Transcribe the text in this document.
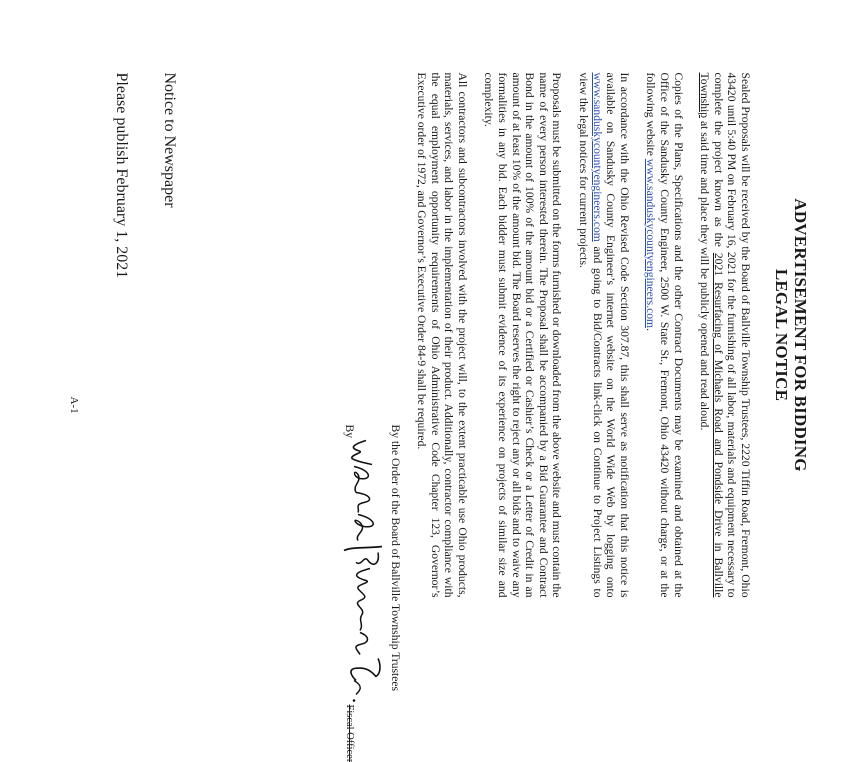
ADVERTISEMENT FOR BIDDING
LEGAL NOTICE

Sealed Proposals will be received by the Board of Ballville Township Trustees, 2220 Tiffin Road, Fremont, Ohio 43420 until 5:40 PM on February 16, 2021 for the furnishing of all labor, materials and equipment necessary to complete the project known as the 2021 Resurfacing of Michaels Road and Pondside Drive in Ballville Township at said time and place they will be publicly opened and read aloud.

Copies of the Plans, Specifications and the other Contract Documents may be examined and obtained at the Office of the Sandusky County Engineer, 2500 W. State St., Fremont, Ohio 43420 without charge, or at the following website www.sanduskycountyengineers.com.

In accordance with the Ohio Revised Code Section 307.87, this shall serve as notification that this notice is available on Sandusky County Engineer’s internet website on the World Wide Web by logging onto www.sanduskycountyengineers.com and going to Bid/Contracts link-click on Continue to Project Listings to view the legal notices for current projects.

Proposals must be submitted on the forms furnished or downloaded from the above website and must contain the name of every person interested therein. The Proposal shall be accompanied by a Bid Guarantee and Contract Bond in the amount of 100% of the amount bid or a Certified or Cashier’s Check or a Letter of Credit in an amount of at least 10% of the amount bid. The Board reserves the right to reject any or all bids and to waive any formalities in any bid. Each bidder must submit evidence of its experience on projects of similar size and complexity.

All contractors and subcontractors involved with the project will, to the extent practicable use Ohio products, materials, services, and labor in the implementation of their product. Additionally, contractor compliance with the equal employment opportunity requirements of Ohio Administrative Code Chapter 123, Governor’s Executive order of 1972, and Governor’s Executive Order 84-9 shall be required.

By the Order of the Board of Ballville Township Trustees
By
Fiscal Officer
Notice to Newspaper
Please publish February 1, 2021
A-1
